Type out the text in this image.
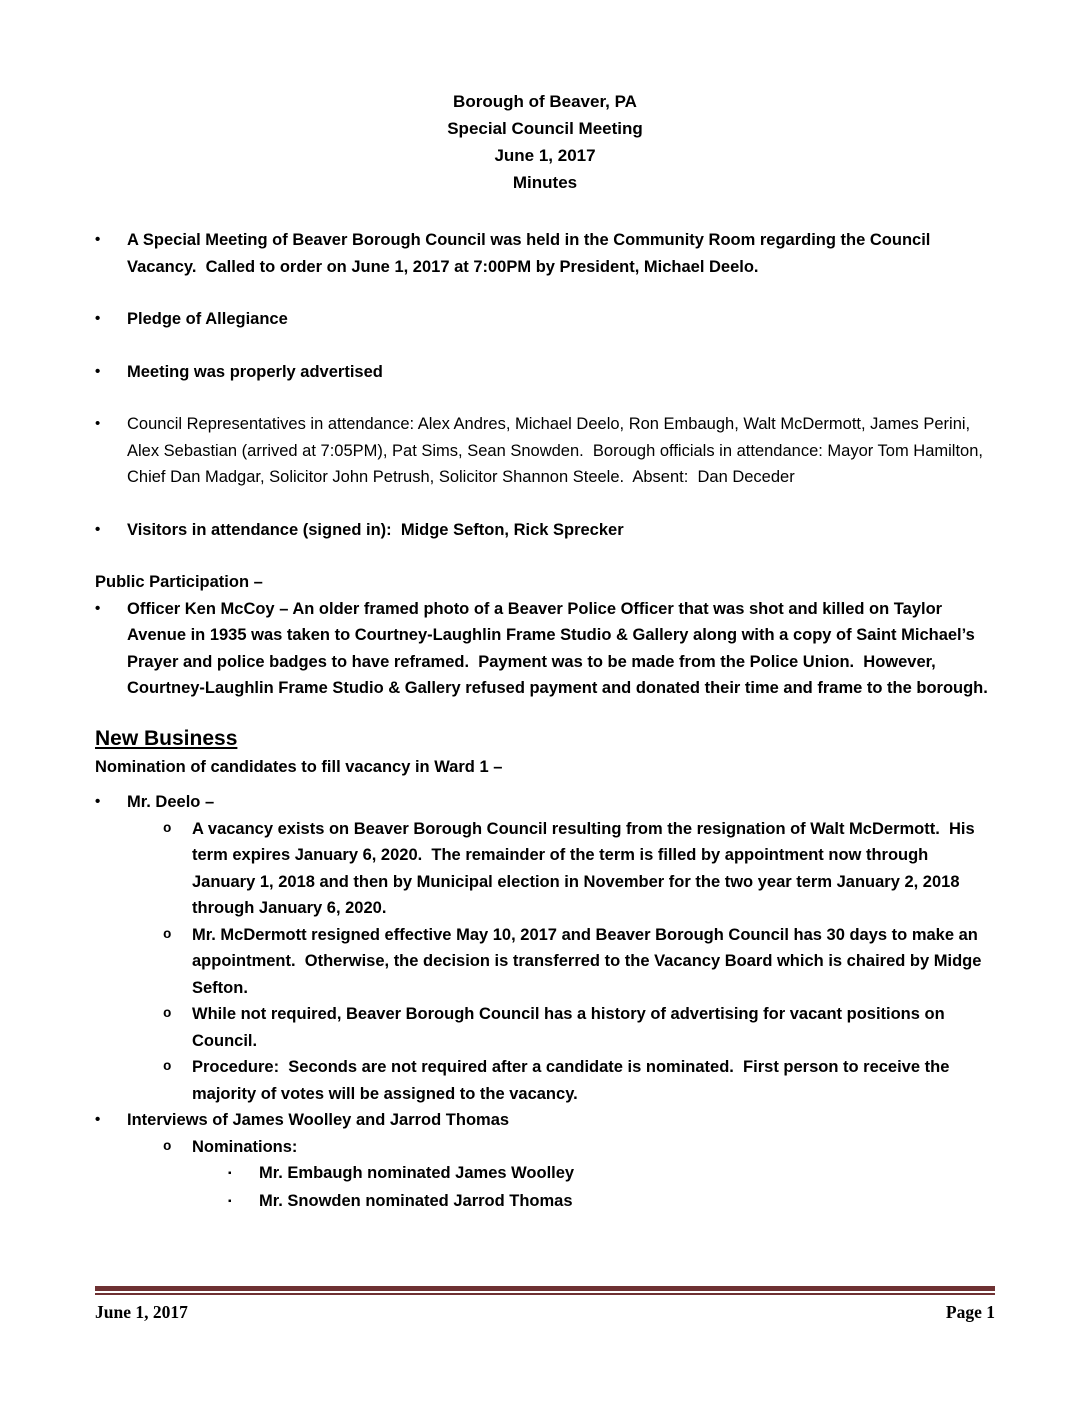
Borough of Beaver, PA
Special Council Meeting
June 1, 2017
Minutes
•	A Special Meeting of Beaver Borough Council was held in the Community Room regarding the Council Vacancy.  Called to order on June 1, 2017 at 7:00PM by President, Michael Deelo.
•	Pledge of Allegiance
•	Meeting was properly advertised
•	Council Representatives in attendance: Alex Andres, Michael Deelo, Ron Embaugh, Walt McDermott, James Perini, Alex Sebastian (arrived at 7:05PM), Pat Sims, Sean Snowden.  Borough officials in attendance: Mayor Tom Hamilton, Chief Dan Madgar, Solicitor John Petrush, Solicitor Shannon Steele.  Absent:  Dan Deceder
•	Visitors in attendance (signed in):  Midge Sefton, Rick Sprecker
Public Participation –
•	Officer Ken McCoy – An older framed photo of a Beaver Police Officer that was shot and killed on Taylor Avenue in 1935 was taken to Courtney-Laughlin Frame Studio & Gallery along with a copy of Saint Michael’s Prayer and police badges to have reframed.  Payment was to be made from the Police Union.  However, Courtney-Laughlin Frame Studio & Gallery refused payment and donated their time and frame to the borough.
New Business
Nomination of candidates to fill vacancy in Ward 1 –
•	Mr. Deelo –
o	A vacancy exists on Beaver Borough Council resulting from the resignation of Walt McDermott.  His term expires January 6, 2020.  The remainder of the term is filled by appointment now through January 1, 2018 and then by Municipal election in November for the two year term January 2, 2018 through January 6, 2020.
o	Mr. McDermott resigned effective May 10, 2017 and Beaver Borough Council has 30 days to make an appointment.  Otherwise, the decision is transferred to the Vacancy Board which is chaired by Midge Sefton.
o	While not required, Beaver Borough Council has a history of advertising for vacant positions on Council.
o	Procedure:  Seconds are not required after a candidate is nominated.  First person to receive the majority of votes will be assigned to the vacancy.
•	Interviews of James Woolley and Jarrod Thomas
o	Nominations:
▪	Mr. Embaugh nominated James Woolley
▪	Mr. Snowden nominated Jarrod Thomas
June 1, 2017	Page 1
